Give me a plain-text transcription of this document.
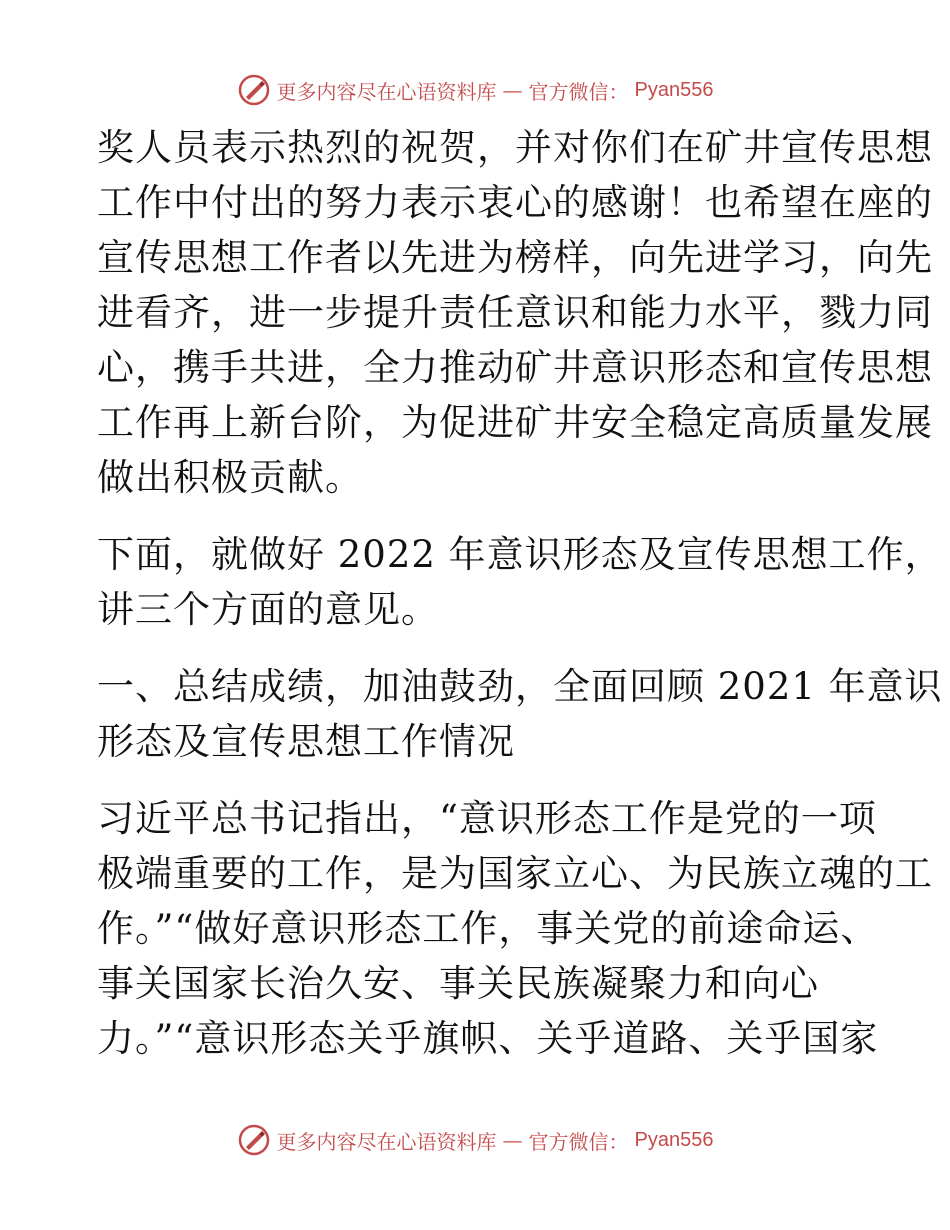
更多内容尽在心语资料库 — 官方微信： Pyan556
奖人员表示热烈的祝贺，并对你们在矿井宣传思想
工作中付出的努力表示衷心的感谢！也希望在座的
宣传思想工作者以先进为榜样，向先进学习，向先
进看齐，进一步提升责任意识和能力水平，戮力同
心，携手共进，全力推动矿井意识形态和宣传思想
工作再上新台阶，为促进矿井安全稳定高质量发展
做出积极贡献。
下面，就做好 2022 年意识形态及宣传思想工作，
讲三个方面的意见。
一、总结成绩，加油鼓劲，全面回顾 2021 年意识
形态及宣传思想工作情况
习近平总书记指出，“意识形态工作是党的一项
极端重要的工作，是为国家立心、为民族立魂的工
作。”“做好意识形态工作，事关党的前途命运、
事关国家长治久安、事关民族凝聚力和向心
力。”“意识形态关乎旗帜、关乎道路、关乎国家
更多内容尽在心语资料库 — 官方微信： Pyan556
